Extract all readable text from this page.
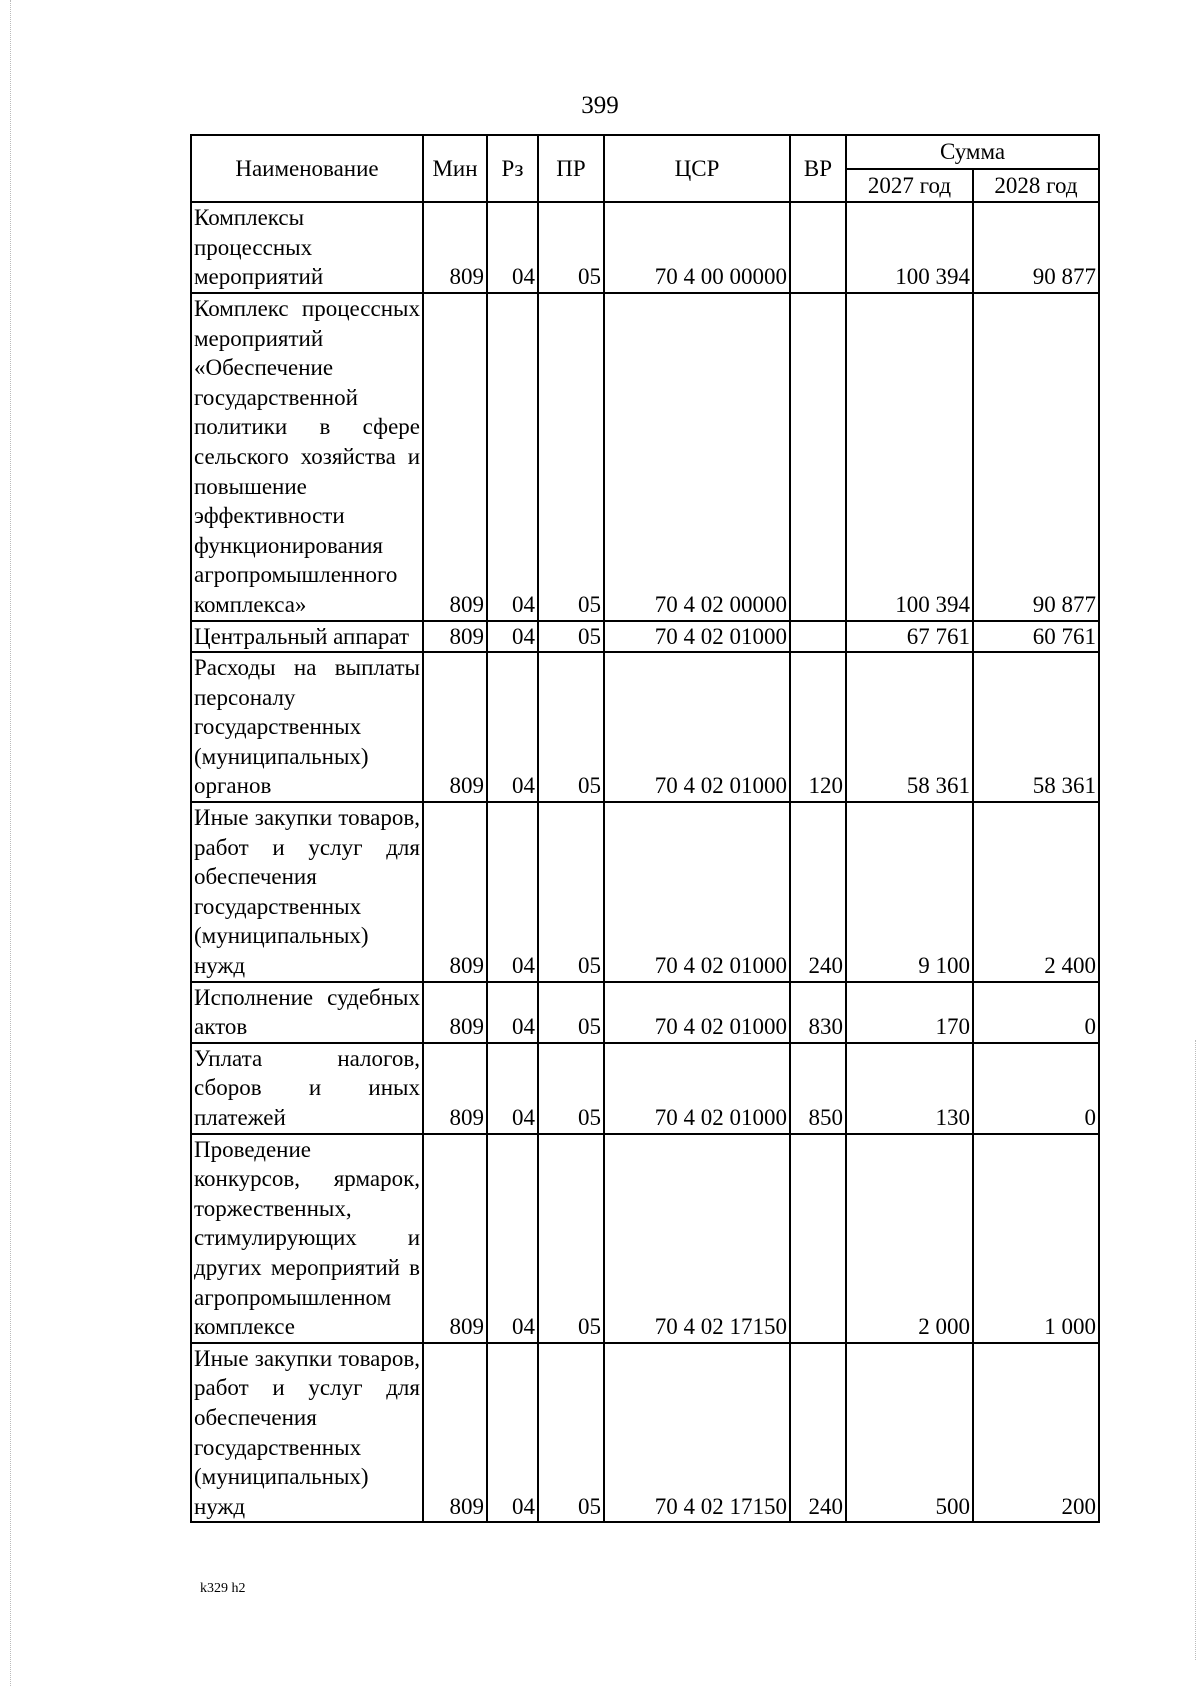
399
Наименование	Мин	Рз	ПР	ЦСР	ВР	Сумма	
						2027 год	2028 год
Комплексы процессных мероприятий	809	04	05	70 4 00 00000		100 394	90 877
Комплекс процессных мероприятий «Обеспечение государственной политики в сфере сельского хозяйства и повышение эффективности функционирования агропромышленного комплекса»	809	04	05	70 4 02 00000		100 394	90 877
Центральный аппарат	809	04	05	70 4 02 01000		67 761	60 761
Расходы на выплаты персоналу государственных (муниципальных) органов	809	04	05	70 4 02 01000	120	58 361	58 361
Иные закупки товаров, работ и услуг для обеспечения государственных (муниципальных) нужд	809	04	05	70 4 02 01000	240	9 100	2 400
Исполнение судебных актов	809	04	05	70 4 02 01000	830	170	0
Уплата налогов, сборов и иных платежей	809	04	05	70 4 02 01000	850	130	0
Проведение конкурсов, ярмарок, торжественных, стимулирующих и других мероприятий в агропромышленном комплексе	809	04	05	70 4 02 17150		2 000	1 000
Иные закупки товаров, работ и услуг для обеспечения государственных (муниципальных) нужд	809	04	05	70 4 02 17150	240	500	200
k329 h2
